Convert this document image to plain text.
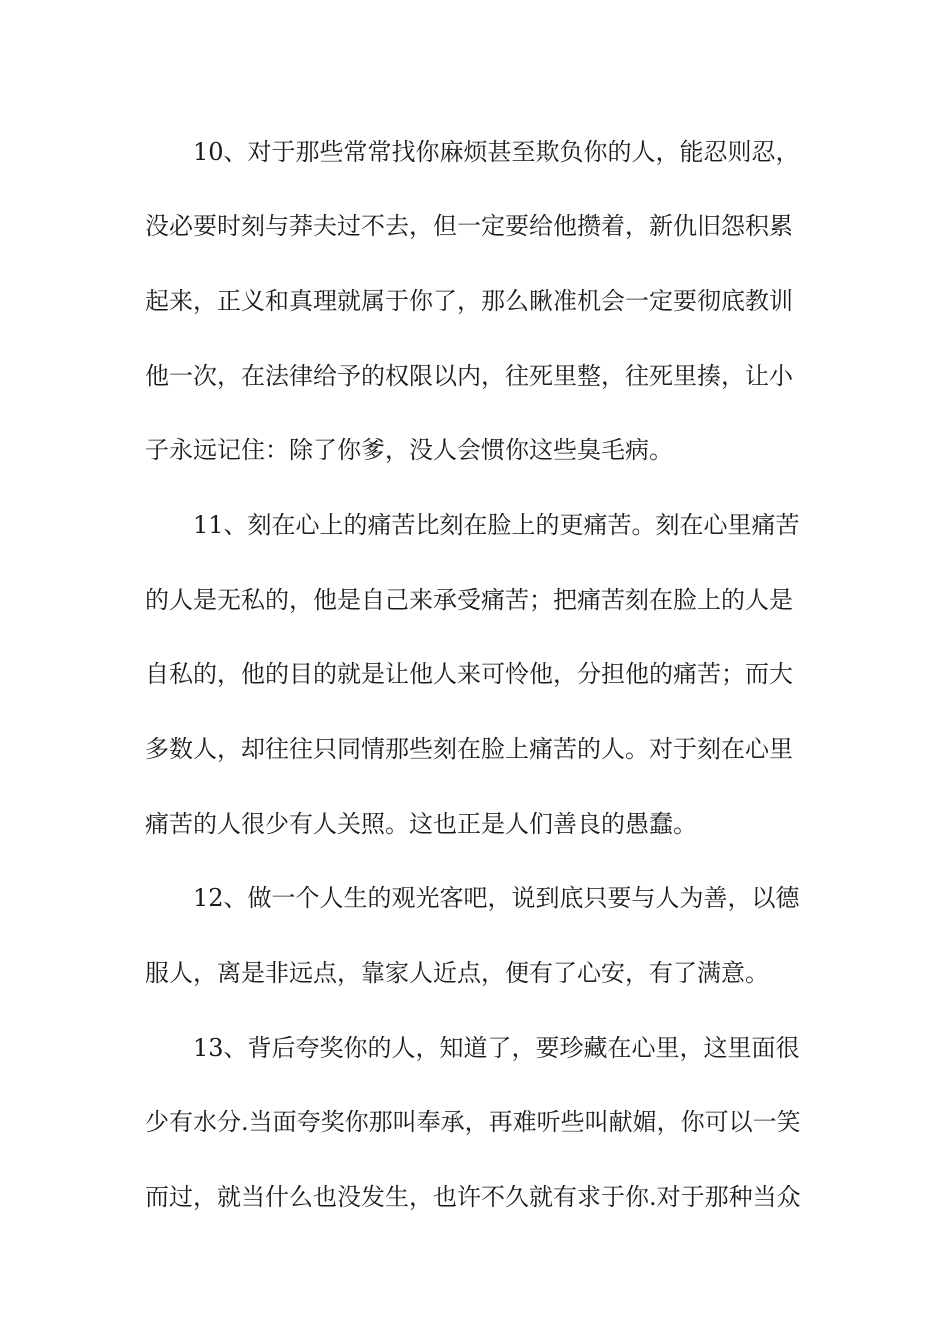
10、对于那些常常找你麻烦甚至欺负你的人，能忍则忍，
没必要时刻与莽夫过不去，但一定要给他攒着，新仇旧怨积累
起来，正义和真理就属于你了，那么瞅准机会一定要彻底教训
他一次，在法律给予的权限以内，往死里整，往死里揍，让小
子永远记住：除了你爹，没人会惯你这些臭毛病。
11、刻在心上的痛苦比刻在脸上的更痛苦。刻在心里痛苦
的人是无私的，他是自己来承受痛苦；把痛苦刻在脸上的人是
自私的，他的目的就是让他人来可怜他，分担他的痛苦；而大
多数人，却往往只同情那些刻在脸上痛苦的人。对于刻在心里
痛苦的人很少有人关照。这也正是人们善良的愚蠢。
12、做一个人生的观光客吧，说到底只要与人为善，以德
服人，离是非远点，靠家人近点，便有了心安，有了满意。
13、背后夸奖你的人，知道了，要珍藏在心里，这里面很
少有水分.当面夸奖你那叫奉承，再难听些叫献媚，你可以一笑
而过，就当什么也没发生，也许不久就有求于你.对于那种当众
